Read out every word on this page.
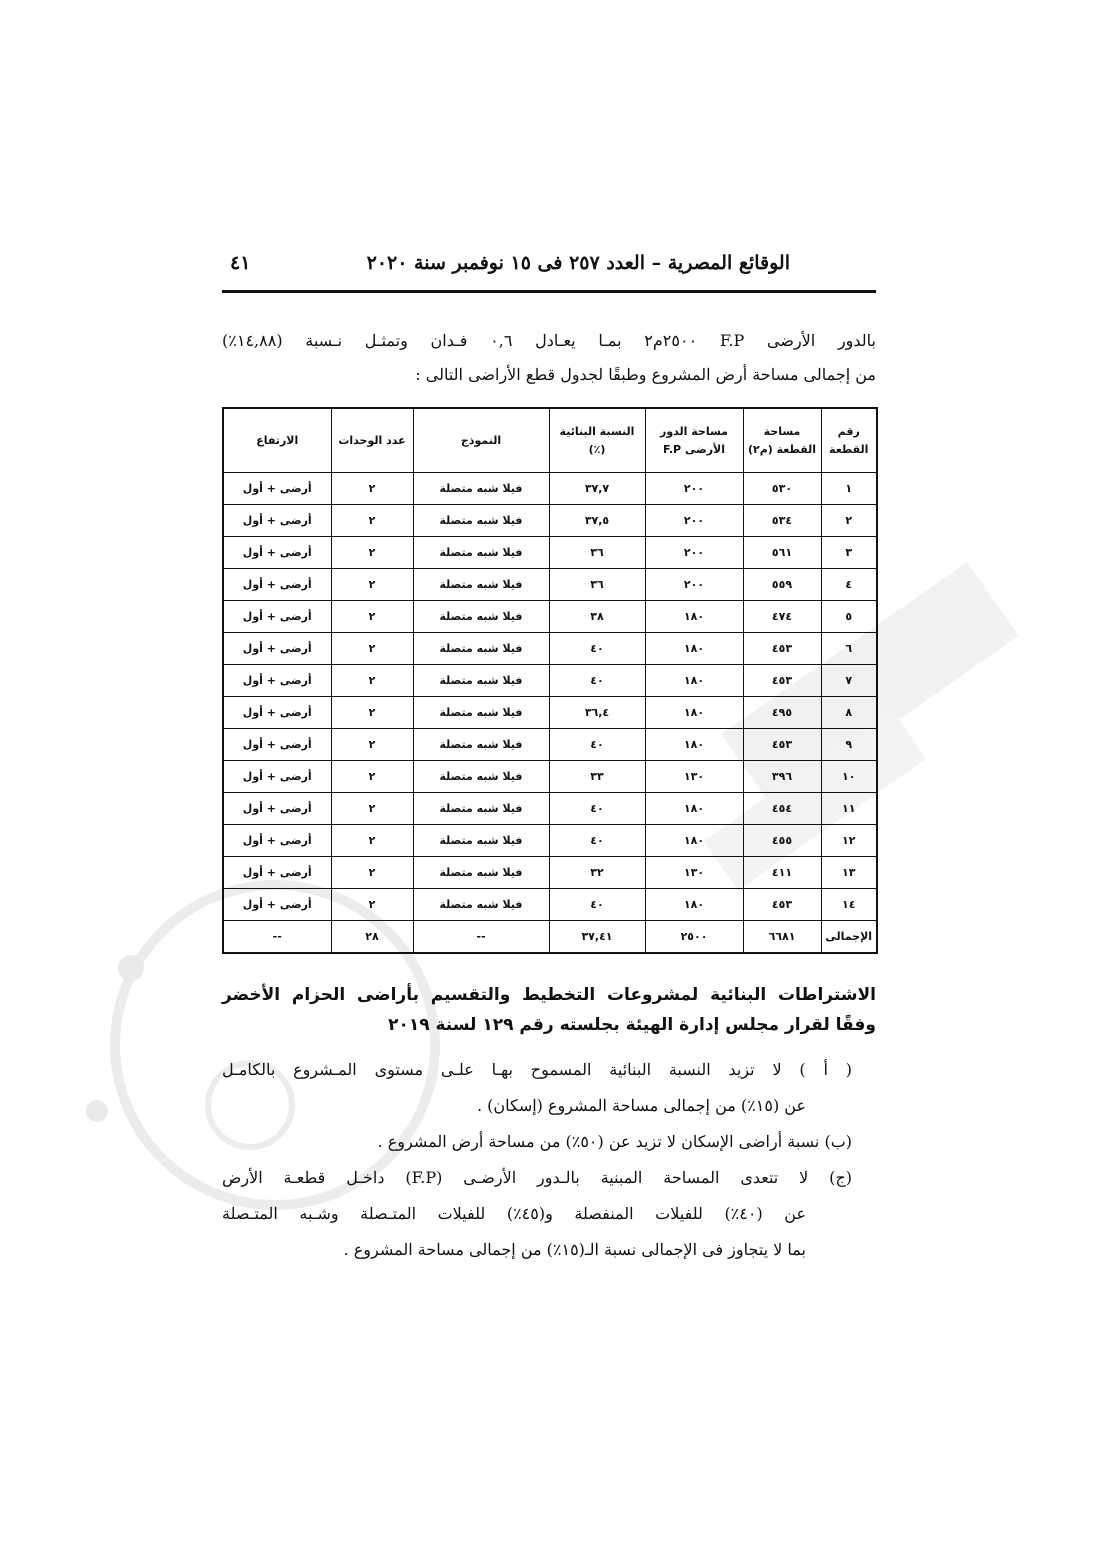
الوقائع المصرية – العدد ٢٥٧ فى ١٥ نوفمبر سنة ٢٠٢٠
٤١

بالدور الأرضى F.P ٢٥٠٠م٢ بمـا يعـادل ٠,٦ فـدان وتمثـل نـسبة (١٤,٨٨٪)

من إجمالى مساحة أرض المشروع وطبقًا لجدول قطع الأراضى التالى :

رقم القطعة	مساحة القطعة (م٢)	مساحة الدور الأرضى F.P	النسبة البنائية (٪)	النموذج	عدد الوحدات	الارتفاع
١	٥٣٠	٢٠٠	٣٧,٧	فيلا شبه متصلة	٢	أرضى + أول
٢	٥٣٤	٢٠٠	٣٧,٥	فيلا شبه متصلة	٢	أرضى + أول
٣	٥٦١	٢٠٠	٣٦	فيلا شبه متصلة	٢	أرضى + أول
٤	٥٥٩	٢٠٠	٣٦	فيلا شبه متصلة	٢	أرضى + أول
٥	٤٧٤	١٨٠	٣٨	فيلا شبه متصلة	٢	أرضى + أول
٦	٤٥٣	١٨٠	٤٠	فيلا شبه متصلة	٢	أرضى + أول
٧	٤٥٣	١٨٠	٤٠	فيلا شبه متصلة	٢	أرضى + أول
٨	٤٩٥	١٨٠	٣٦,٤	فيلا شبه متصلة	٢	أرضى + أول
٩	٤٥٣	١٨٠	٤٠	فيلا شبه متصلة	٢	أرضى + أول
١٠	٣٩٦	١٣٠	٣٣	فيلا شبه متصلة	٢	أرضى + أول
١١	٤٥٤	١٨٠	٤٠	فيلا شبه متصلة	٢	أرضى + أول
١٢	٤٥٥	١٨٠	٤٠	فيلا شبه متصلة	٢	أرضى + أول
١٣	٤١١	١٣٠	٣٢	فيلا شبه متصلة	٢	أرضى + أول
١٤	٤٥٣	١٨٠	٤٠	فيلا شبه متصلة	٢	أرضى + أول
الإجمالى	٦٦٨١	٢٥٠٠	٣٧,٤١	--	٢٨	--

الاشتراطات البنائية لمشروعات التخطيط والتقسيم بأراضى الحزام الأخضر

وفقًا لقرار مجلس إدارة الهيئة بجلسته رقم ١٢٩ لسنة ٢٠١٩

( أ ) لا تزيد النسبة البنائية المسموح بهـا علـى مستوى المـشروع بالكامـل

عن (١٥٪) من إجمالى مساحة المشروع (إسكان) .

(ب) نسبة أراضى الإسكان لا تزيد عن (٥٠٪) من مساحة أرض المشروع .

(ج) لا تتعدى المساحة المبنية بالـدور الأرضـى (F.P) داخـل قطعـة الأرض

عن (٤٠٪) للفيلات المنفصلة و(٤٥٪) للفيلات المتـصلة وشـبه المتـصلة

بما لا يتجاوز فى الإجمالى نسبة الـ(١٥٪) من إجمالى مساحة المشروع .
